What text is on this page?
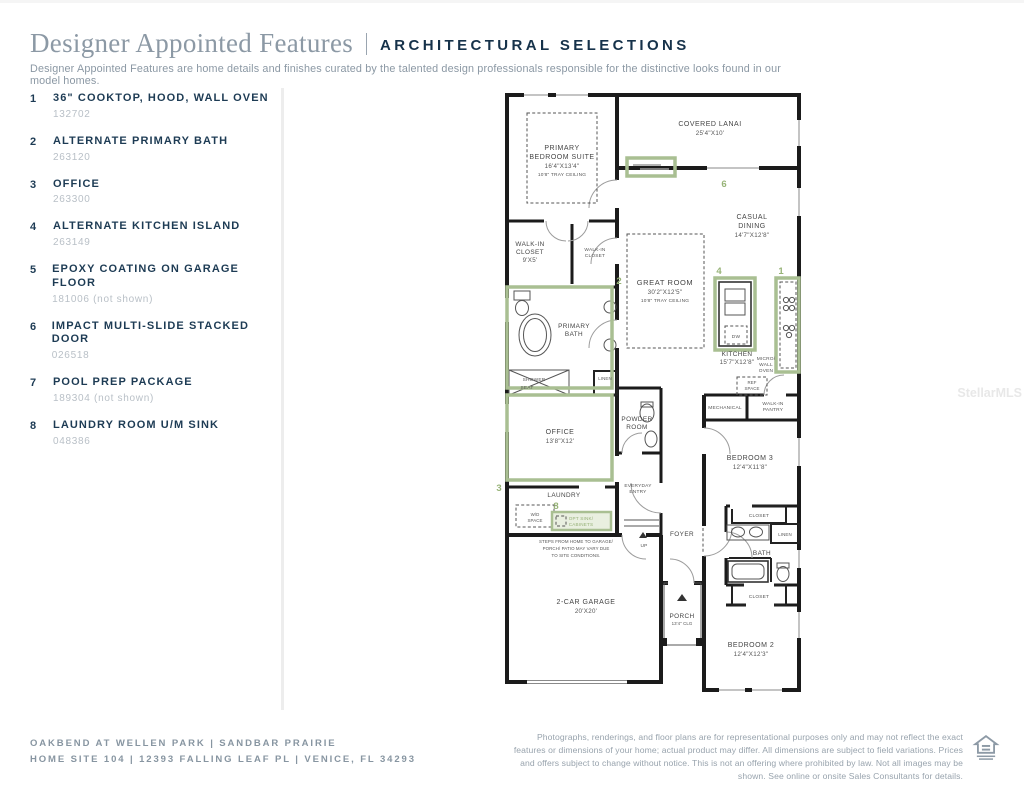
Designer Appointed Features ARCHITECTURAL SELECTIONS
Designer Appointed Features are home details and finishes curated by the talented design professionals responsible for the distinctive looks found in our model homes.
1	36" COOKTOP, HOOD, WALL OVEN
132702
2	ALTERNATE PRIMARY BATH
263120
3	OFFICE
263300
4	ALTERNATE KITCHEN ISLAND
263149
5	EPOXY COATING ON GARAGE FLOOR
181006 (not shown)
6	IMPACT MULTI-SLIDE STACKED DOOR
026518
7	POOL PREP PACKAGE
189304 (not shown)
8	LAUNDRY ROOM U/M SINK
048386
COVERED LANAI
25'4"X10'
PRIMARY
BEDROOM SUITE
16'4"X13'4"
10'8" TRAY CEILING
CASUAL
DINING
14'7"X12'8"
WALK-IN
CLOSET
9'X5'
WALK-IN
CLOSET
GREAT ROOM
30'2"X12'5"
10'8" TRAY CEILING
PRIMARY
BATH
SHOWER
SEAT
LINEN
KITCHEN
15'7"X12'8" MICRO/
WALL
OVEN
REF
SPACE
DW
MECHANICAL
WALK-IN
PANTRY
OFFICE
13'8"X12'
POWDER
ROOM
EVERYDAY
ENTRY
LAUNDRY
W/D
SPACE	OPT SINK/
CABINETS
UP
FOYER
STEPS FROM HOME TO GARAGE/
PORCH/ PATIO MAY VARY DUE
TO SITE CONDITIONS.
2-CAR GARAGE
20'X20'
PORCH
13'4" CLG
BEDROOM 3
12'4"X11'8"
CLOSET
LINEN
BATH
CLOSET
BEDROOM 2
12'4"X12'3"
6
2
3
4	1
8
StellarMLS
OAKBEND AT WELLEN PARK | SANDBAR PRAIRIE
HOME SITE 104 | 12393 FALLING LEAF PL | VENICE, FL 34293
Photographs, renderings, and floor plans are for representational purposes only and may not reflect the exact features or dimensions of your home; actual product may differ. All dimensions are subject to field variations. Prices and offers subject to change without notice. This is not an offering where prohibited by law. Not all images may be shown. See online or onsite Sales Consultants for details.
